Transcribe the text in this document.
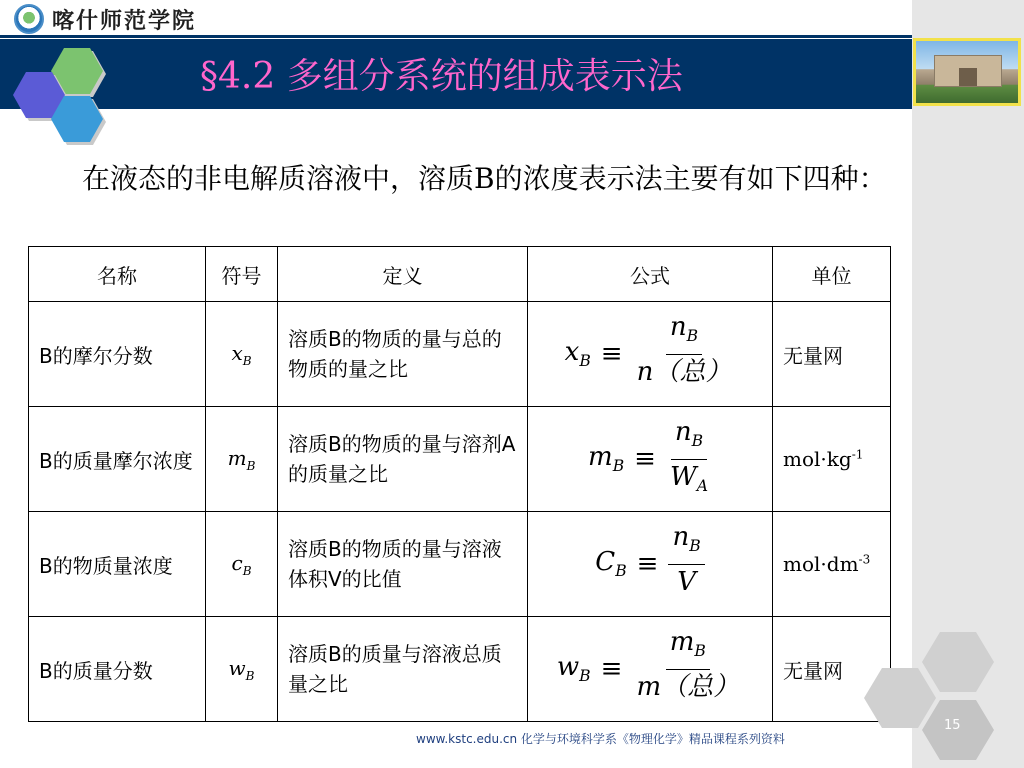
喀什师范学院
§4.2 多组分系统的组成表示法
在液态的非电解质溶液中，溶质B的浓度表示法主要有如下四种：
名称	符号	定义	公式	单位
B的摩尔分数	$x_B$	溶质B的物质的量与总的物质的量之比	$x_B \equiv \frac{n_B}{\text{n（总）}}$	无量网
B的质量摩尔浓度	$m_B$	溶质B的物质的量与溶剂A的质量之比	$m_B \equiv \frac{n_B}{W_A}$	$mol\cdot kg^{-1}$
B的物质量浓度	$c_B$	溶质B的物质的量与溶液体积V的比值	$C_B \equiv \frac{n_B}{V}$	$mol\cdot dm^{-3}$
B的质量分数	$w_B$	溶质B的质量与溶液总质量之比	$w_B \equiv \frac{m_B}{\text{m（总）}}$	无量网
www.kstc.edu.cn 化学与环境科学系《物理化学》精品课程系列资料
15
